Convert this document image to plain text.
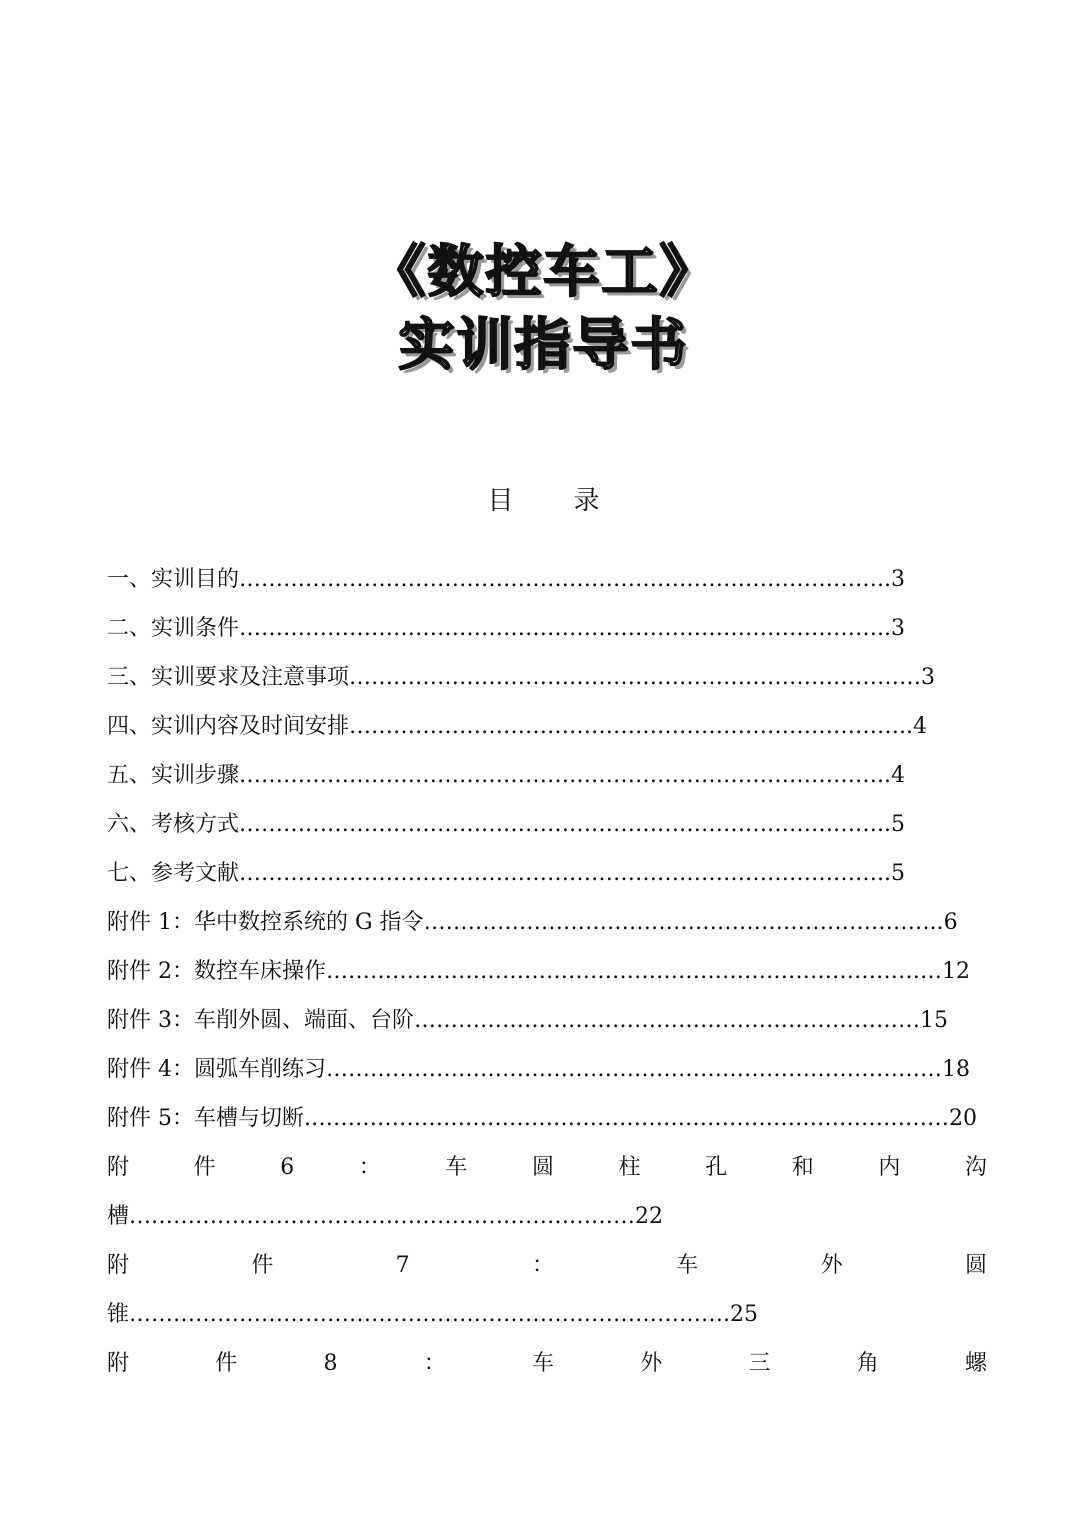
《数控车工》
实训指导书
目录
一、实训目的……………………………………………………………………………..3
二、实训条件……………………………………………………………………………..3
三、实训要求及注意事项……………………………………………………………………3
四、实训内容及时间安排…………………………………………………………………..4
五、实训步骤……………………………………………………………………………..4
六、考核方式……………………………………………………………………………..5
七、参考文献……………………………………………………………………………..5
附件 1：华中数控系统的 G 指令……………………………………………………………..6
附件 2：数控车床操作…………………………………………………………………………12
附件 3：车削外圆、端面、台阶……………………………………………………………15
附件 4：圆弧车削练习…………………………………………………………………………18
附件 5：车槽与切断.……………………………………………………………………………20
附	件	6	：	车	圆	柱	孔	和	内	沟
槽……………………………………………………………22
附	件	7	：	车	外	圆
锥……………………………………………………………………….25
附	件	8	：	车	外	三	角	螺
